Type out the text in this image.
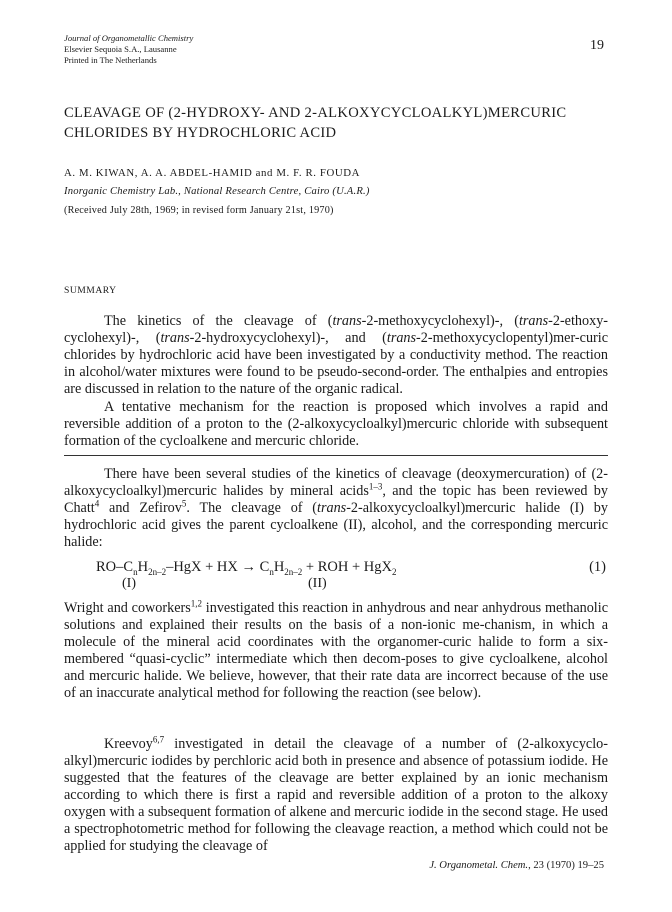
Journal of Organometallic Chemistry
Elsevier Sequoia S.A., Lausanne
Printed in The Netherlands
19
CLEAVAGE OF (2-HYDROXY- AND 2-ALKOXYCYCLOALKYL)MERCURIC
CHLORIDES BY HYDROCHLORIC ACID
A. M. KIWAN, A. A. ABDEL-HAMID and M. F. R. FOUDA
Inorganic Chemistry Lab., National Research Centre, Cairo (U.A.R.)
(Received July 28th, 1969; in revised form January 21st, 1970)
SUMMARY

The kinetics of the cleavage of (trans-2-methoxycyclohexyl)-, (trans-2-ethoxy-cyclohexyl)-, (trans-2-hydroxycyclohexyl)-, and (trans-2-methoxycyclopentyl)mer-curic chlorides by hydrochloric acid have been investigated by a conductivity method. The reaction in alcohol/water mixtures were found to be pseudo-second-order. The enthalpies and entropies are discussed in relation to the nature of the organic radical.

A tentative mechanism for the reaction is proposed which involves a rapid and reversible addition of a proton to the (2-alkoxycycloalkyl)mercuric chloride with subsequent formation of the cycloalkene and mercuric chloride.

There have been several studies of the kinetics of cleavage (deoxymercuration) of (2-alkoxycycloalkyl)mercuric halides by mineral acids$^{1-3}$, and the topic has been reviewed by Chatt$^4$ and Zefirov$^5$. The cleavage of (trans-2-alkoxycycloalkyl)mercuric halide (I) by hydrochloric acid gives the parent cycloalkene (II), alcohol, and the corresponding mercuric halide:

$RO-C_nH_{2n-2}$–HgX + HX → $C_nH_{2n-2}$ + ROH + HgX$_2$	(1)
(I)	(II)

Wright and coworkers$^{1,2}$ investigated this reaction in anhydrous and near anhydrous methanolic solutions and explained their results on the basis of a non-ionic me-chanism, in which a molecule of the mineral acid coordinates with the organomer-curic halide to form a six-membered “quasi-cyclic” intermediate which then decom-poses to give cycloalkene, alcohol and mercuric halide. We believe, however, that their rate data are incorrect because of the use of an inaccurate analytical method for following the reaction (see below).

Kreevoy$^{6,7}$ investigated in detail the cleavage of a number of (2-alkoxycyclo-alkyl)mercuric iodides by perchloric acid both in presence and absence of potassium iodide. He suggested that the features of the cleavage are better explained by an ionic mechanism according to which there is first a rapid and reversible addition of a proton to the alkoxy oxygen with a subsequent formation of alkene and mercuric iodide in the second stage. He used a spectrophotometric method for following the cleavage reaction, a method which could not be applied for studying the cleavage of

J. Organometal. Chem., 23 (1970) 19–25
